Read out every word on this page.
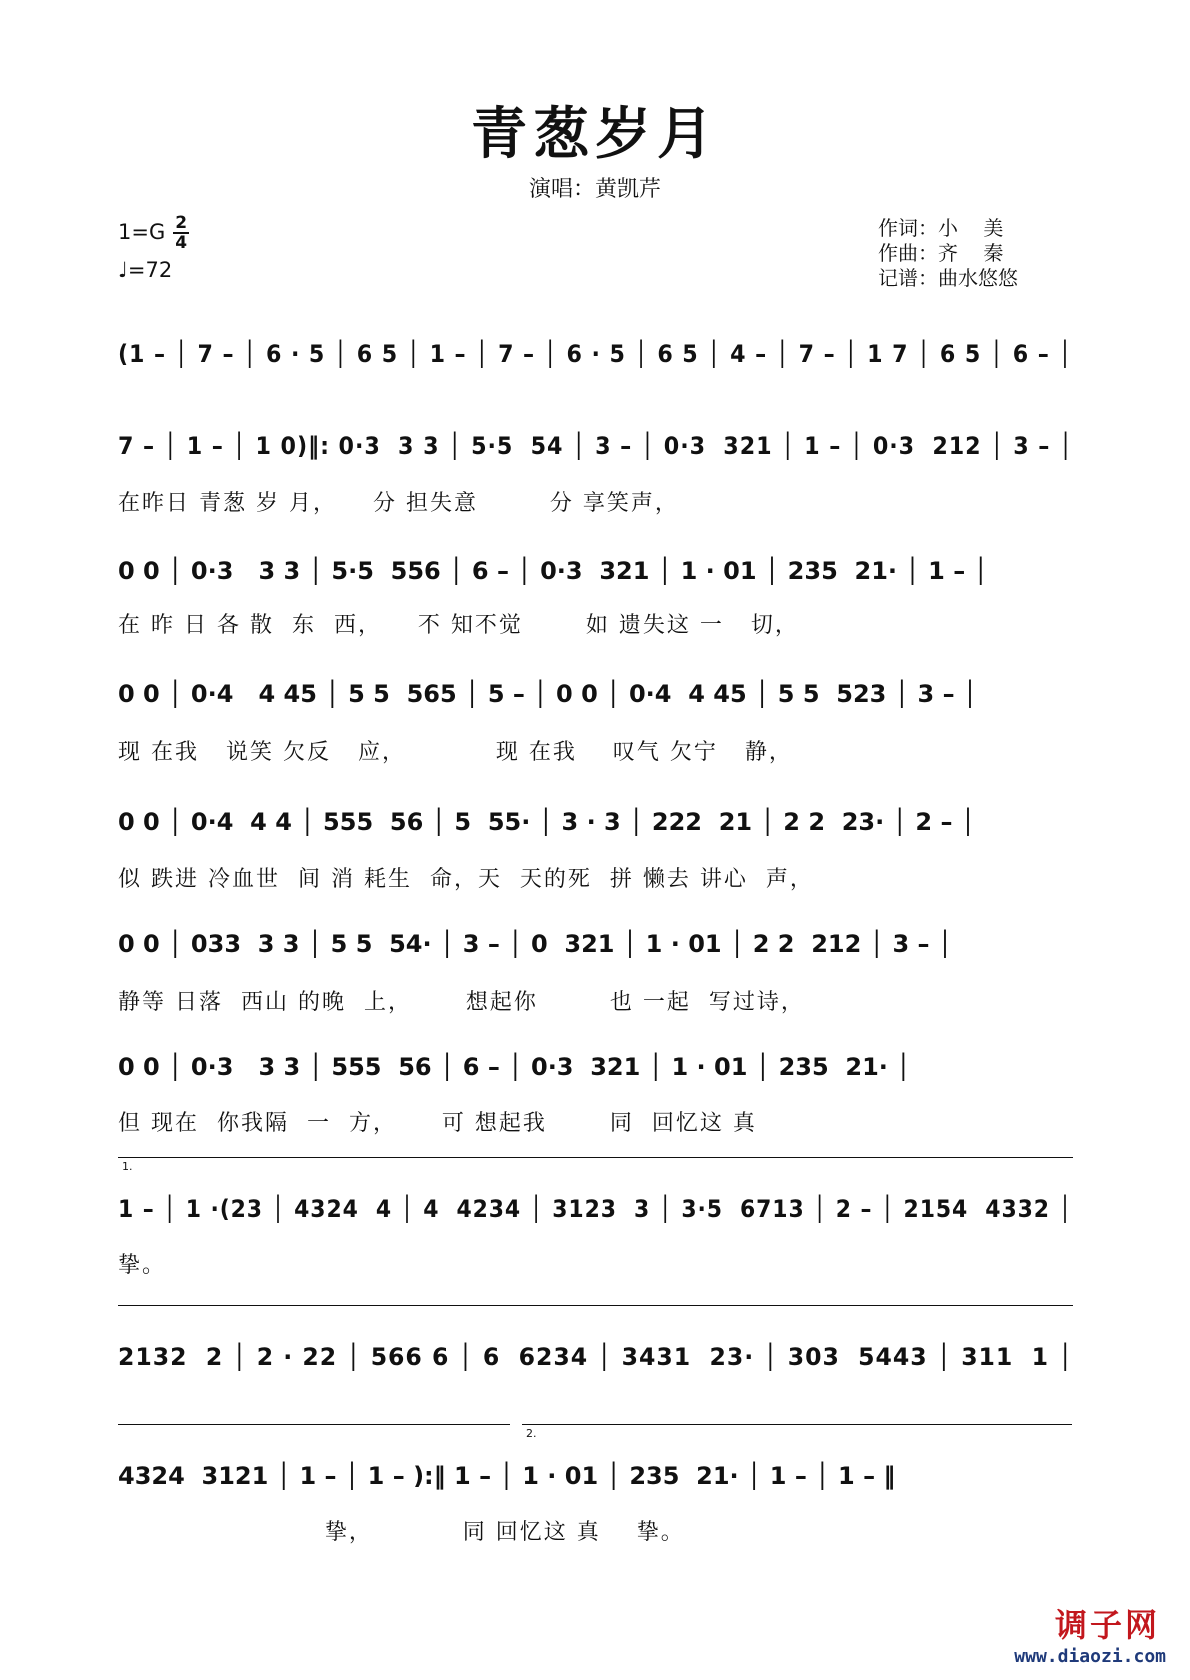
青葱岁月
演唱：黄凯芹
$1=G \frac{2}{4}$
♩=72
作词：小    美
作曲：齐    秦
记谱：曲水悠悠
(1 – │ 7 – │ 6 · 5 │ 6 5 │ 1 – │ 7 – │ 6 · 5 │ 6 5 │ 4 – │ 7 – │ 1 7 │ 6 5 │ 6 – │
7 – │ 1 – │ 1 0)‖: 0·3  3 3 │ 5·5  54 │ 3 – │ 0·3  321 │ 1 – │ 0·3  212 │ 3 – │
在昨日 青葱 岁 月，    分 担失意        分 享笑声，
0 0 │ 0·3   3 3 │ 5·5  556 │ 6 – │ 0·3  321 │ 1 · 01 │ 235  21· │ 1 – │
在 昨 日 各 散  东  西，    不 知不觉       如 遗失这 一   切，
0 0 │ 0·4   4 45 │ 5 5  565 │ 5 – │ 0 0 │ 0·4  4 45 │ 5 5  523 │ 3 – │
现 在我   说笑 欠反   应，          现 在我    叹气 欠宁   静，
0 0 │ 0·4  4 4 │ 555  56 │ 5  55· │ 3 · 3 │ 222  21 │ 2 2  23· │ 2 – │
似 跌进 冷血世  间 消 耗生  命，天  天的死  拼 懒去 讲心  声，
0 0 │ 033  3 3 │ 5 5  54· │ 3 – │ 0  321 │ 1 · 01 │ 2 2  212 │ 3 – │
静等 日落  西山 的晚  上，      想起你        也 一起  写过诗，
0 0 │ 0·3   3 3 │ 555  56 │ 6 – │ 0·3  321 │ 1 · 01 │ 235  21· │
但 现在  你我隔  一  方，     可 想起我       同  回忆这 真
1.
1 – │ 1 ·(23 │ 4324  4 │ 4  4234 │ 3123  3 │ 3·5  6713 │ 2 – │ 2154  4332 │
挚。
2132  2 │ 2 · 22 │ 566 6 │ 6  6234 │ 3431  23· │ 303  5443 │ 311  1 │
2.
4324  3121 │ 1 – │ 1 – ):‖ 1 – │ 1 · 01 │ 235  21· │ 1 – │ 1 – ‖
挚，          同 回忆这 真    挚。
调子网
www.diaozi.com
